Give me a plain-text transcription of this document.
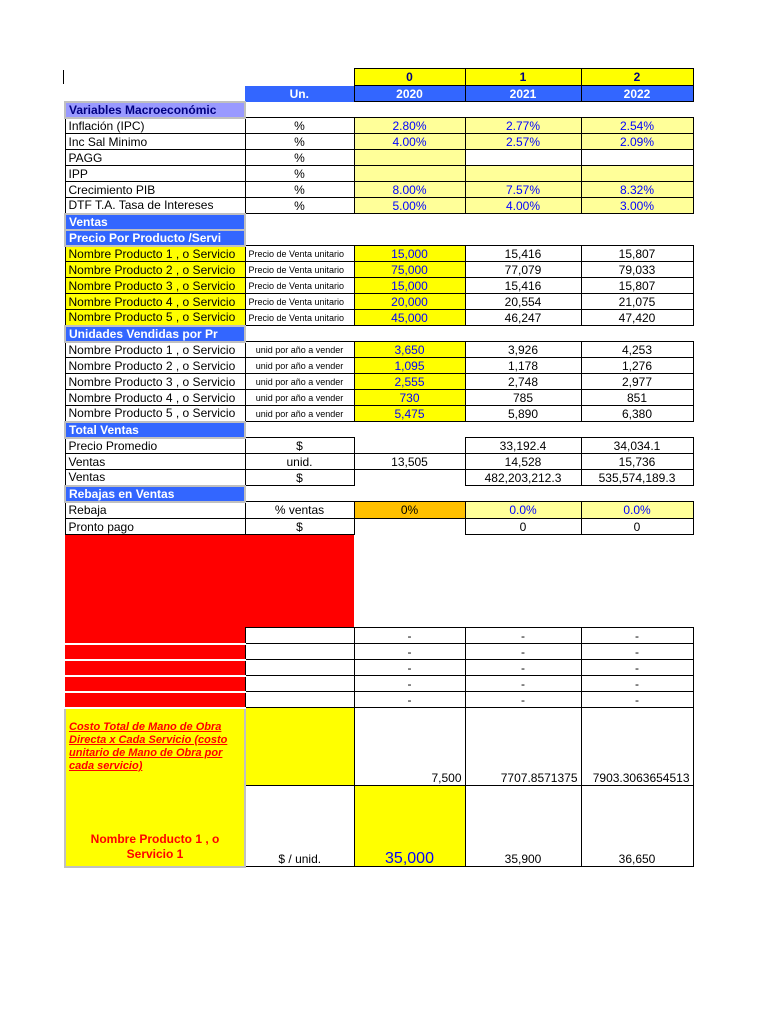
		0	1	2
	Un.	2020	2021	2022
Variables Macroeconómic				
Inflación (IPC)	%	2.80%	2.77%	2.54%
Inc Sal Minimo	%	4.00%	2.57%	2.09%
PAGG	%			
IPP	%			
Crecimiento PIB	%	8.00%	7.57%	8.32%
DTF T.A. Tasa de Intereses	%	5.00%	4.00%	3.00%
Ventas				
Precio Por Producto /Servi				
Nombre Producto 1 , o Servicio	Precio de Venta unitario	15,000	15,416	15,807
Nombre Producto 2 , o Servicio	Precio de Venta unitario	75,000	77,079	79,033
Nombre Producto 3 , o Servicio	Precio de Venta unitario	15,000	15,416	15,807
Nombre Producto 4 , o Servicio	Precio de Venta unitario	20,000	20,554	21,075
Nombre Producto 5 , o Servicio	Precio de Venta unitario	45,000	46,247	47,420
Unidades Vendidas por Pr				
Nombre Producto 1 , o Servicio	unid por año a vender	3,650	3,926	4,253
Nombre Producto 2 , o Servicio	unid por año a vender	1,095	1,178	1,276
Nombre Producto 3 , o Servicio	unid por año a vender	2,555	2,748	2,977
Nombre Producto 4 , o Servicio	unid por año a vender	730	785	851
Nombre Producto 5 , o Servicio	unid por año a vender	5,475	5,890	6,380
Total Ventas				
Precio Promedio	$		33,192.4	34,034.1
Ventas	unid.	13,505	14,528	15,736
Ventas	$		482,203,212.3	535,574,189.3
Rebajas en Ventas				
Rebaja	% ventas	0%	0.0%	0.0%
Pronto pago	$		0	0
Empresas de Servicios No requieren materia Prima				
		-	-	-
		-	-	-
		-	-	-
		-	-	-
		-	-	-
Costo Total de Mano de Obra Directa x Cada Servicio (costo unitario de Mano de Obra por cada servicio)		7,500	7707.8571375	7903.3063654513
Nombre Producto 1 , o Servicio 1	$ / unid.	35,000	35,900	36,650
